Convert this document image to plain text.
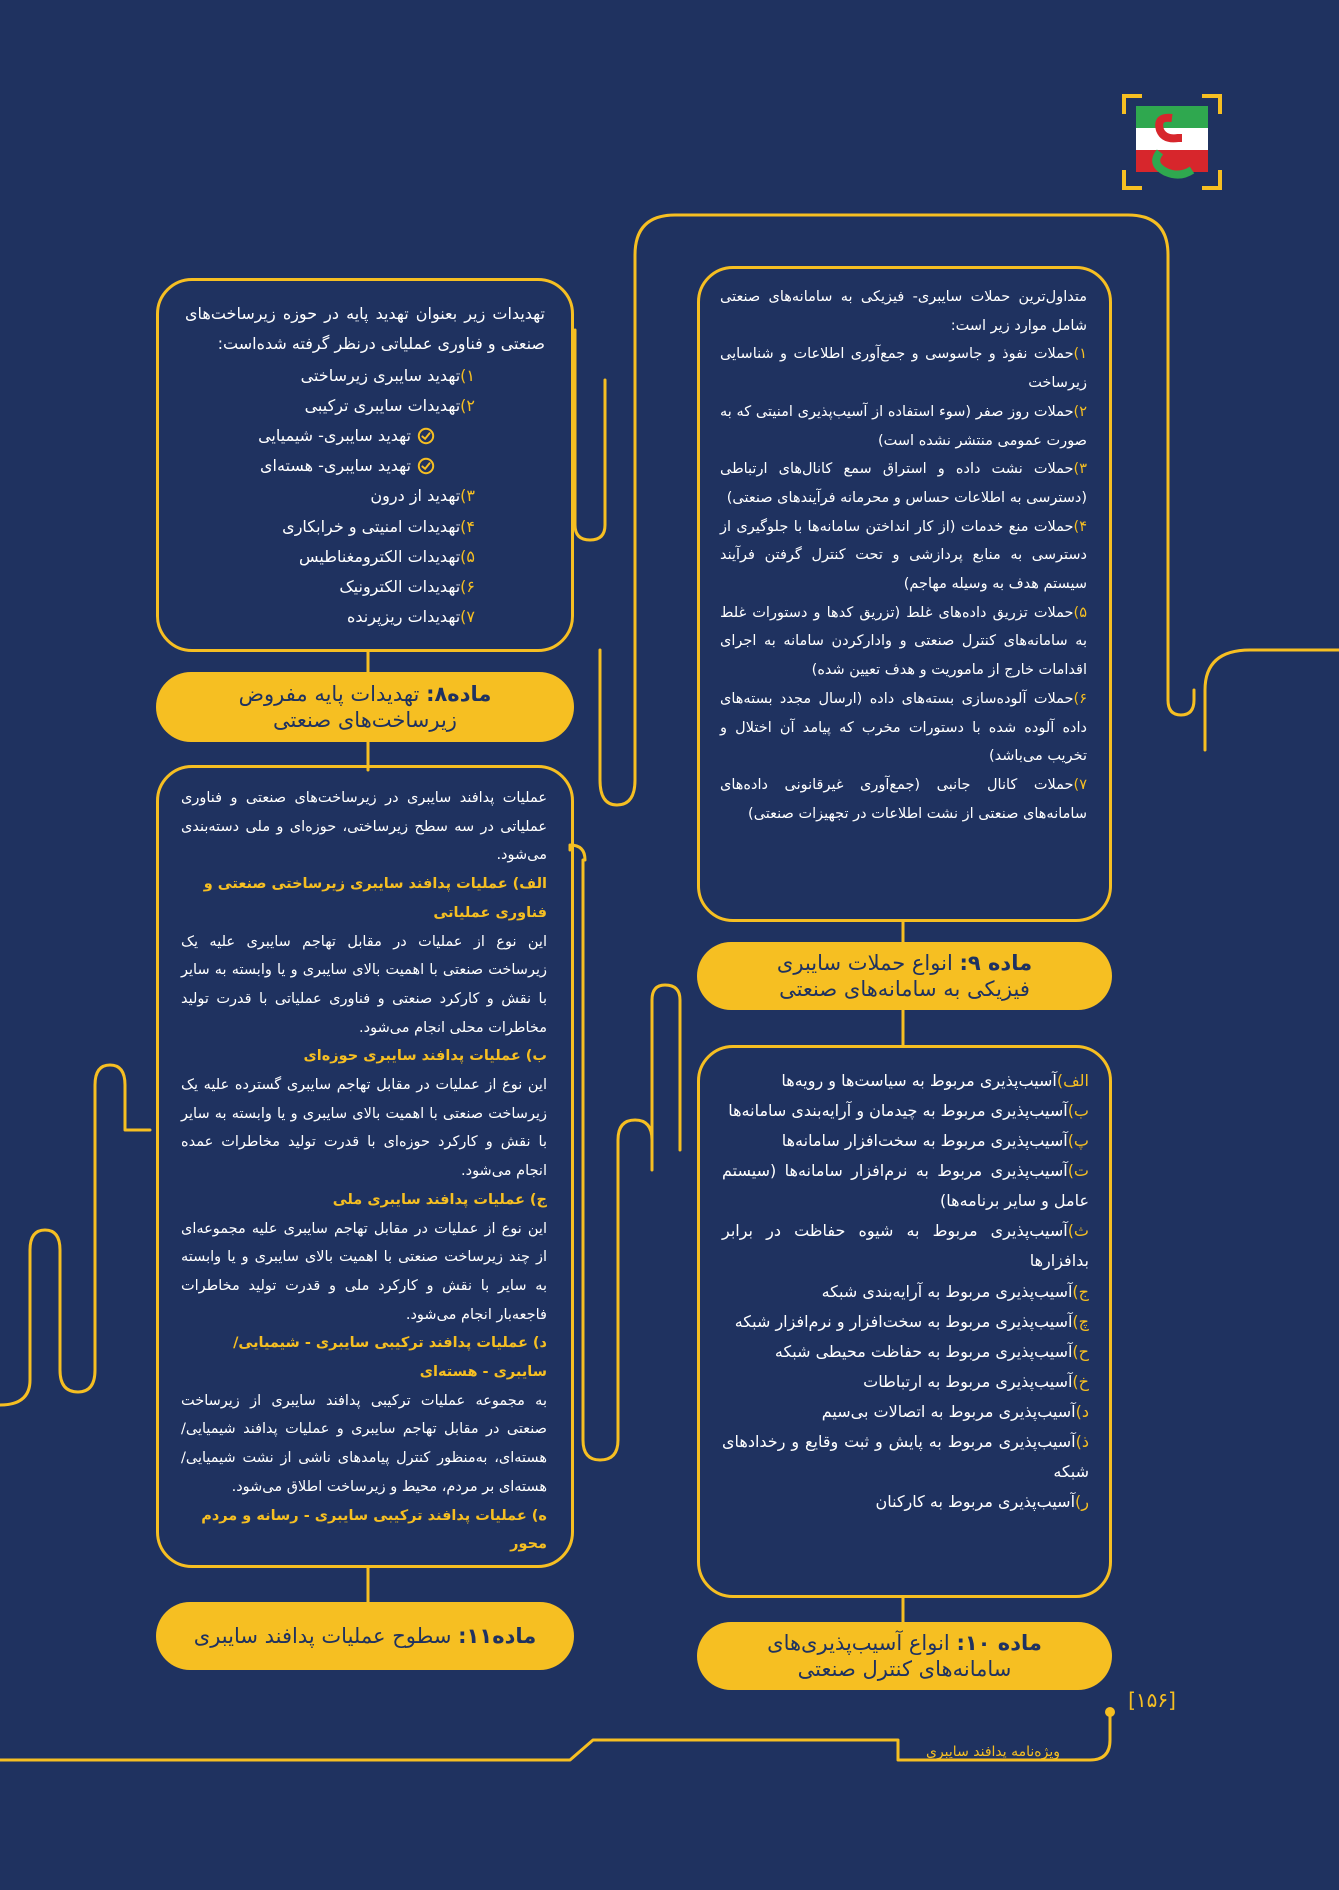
تهدیدات زیر بعنوان تهدید پایه در حوزه زیرساخت‌های صنعتی و فناوری عملیاتی درنظر گرفته شده‌است:

۱)تهدید سایبری زیرساختی

۲)تهدیدات سایبری ترکیبی

تهدید سایبری- شیمیایی

تهدید سایبری- هسته‌ای

۳)تهدید از درون

۴)تهدیدات امنیتی و خرابکاری

۵)تهدیدات الکترومغناطیس

۶)تهدیدات الکترونیک

۷)تهدیدات ریزپرنده

ماده۸: تهدیدات پایه مفروض
زیرساخت‌های صنعتی

متداول‌ترین حملات سایبری- فیزیکی به سامانه‌های صنعتی شامل موارد زیر است:

۱)حملات نفوذ و جاسوسی و جمع‌آوری اطلاعات و شناسایی زیرساخت

۲)حملات روز صفر (سوء استفاده از آسیب‌پذیری امنیتی که به صورت عمومی منتشر نشده است)

۳)حملات نشت داده و استراق سمع کانال‌های ارتباطی (دسترسی به اطلاعات حساس و محرمانه فرآیندهای صنعتی)

۴)حملات منع خدمات (از کار انداختن سامانه‌ها با جلوگیری از دسترسی به منابع پردازشی و تحت کنترل گرفتن فرآیند سیستم هدف به وسیله مهاجم)

۵)حملات تزریق داده‌های غلط (تزریق کدها و دستورات غلط به سامانه‌های کنترل صنعتی و وادارکردن سامانه به اجرای اقدامات خارج از ماموریت و هدف تعیین شده)

۶)حملات آلوده‌سازی بسته‌های داده (ارسال مجدد بسته‌های داده آلوده شده با دستورات مخرب که پیامد آن اختلال و تخریب می‌باشد)

۷)حملات کانال جانبی (جمع‌آوری غیرقانونی داده‌های سامانه‌های صنعتی از نشت اطلاعات در تجهیزات صنعتی)

ماده ۹: انواع حملات سایبری
فیزیکی به سامانه‌های صنعتی

الف)آسیب‌پذیری مربوط به سیاست‌ها و رویه‌ها

ب)آسیب‌پذیری مربوط به چیدمان و آرایه‌بندی سامانه‌ها

پ)آسیب‌پذیری مربوط به سخت‌افزار سامانه‌ها

ت)آسیب‌پذیری مربوط به نرم‌افزار سامانه‌ها (سیستم عامل و سایر برنامه‌ها)

ث)آسیب‌پذیری مربوط به شیوه حفاظت در برابر بدافزارها

ج)آسیب‌پذیری مربوط به آرایه‌بندی شبکه

چ)آسیب‌پذیری مربوط به سخت‌افزار و نرم‌افزار شبکه

ح)آسیب‌پذیری مربوط به حفاظت محیطی شبکه

خ)آسیب‌پذیری مربوط به ارتباطات

د)آسیب‌پذیری مربوط به اتصالات بی‌سیم

ذ)آسیب‌پذیری مربوط به پایش و ثبت وقایع و رخدادهای شبکه

ر)آسیب‌پذیری مربوط به کارکنان

ماده ۱۰: انواع آسیب‌پذیری‌های
سامانه‌های کنترل صنعتی

عملیات پدافند سایبری در زیرساخت‌های صنعتی و فناوری عملیاتی در سه سطح زیرساختی، حوزه‌ای و ملی دسته‌بندی می‌شود.

الف) عملیات پدافند سایبری زیرساختی صنعتی و فناوری عملیاتی

این نوع از عملیات در مقابل تهاجم سایبری علیه یک زیرساخت صنعتی با اهمیت بالای سایبری و یا وابسته به سایر با نقش و کارکرد صنعتی و فناوری عملیاتی با قدرت تولید مخاطرات محلی انجام می‌شود.

ب) عملیات پدافند سایبری حوزه‌ای

این نوع از عملیات در مقابل تهاجم سایبری گسترده علیه یک زیرساخت صنعتی با اهمیت بالای سایبری و یا وابسته به سایر با نقش و کارکرد حوزه‌ای با قدرت تولید مخاطرات عمده انجام می‌شود.

ج) عملیات پدافند سایبری ملی

این نوع از عملیات در مقابل تهاجم سایبری علیه مجموعه‌ای از چند زیرساخت صنعتی با اهمیت بالای سایبری و یا وابسته به سایر با نقش و کارکرد ملی و قدرت تولید مخاطرات فاجعه‌بار انجام می‌شود.

د) عملیات پدافند ترکیبی سایبری - شیمیایی/سایبری - هسته‌ای

به مجموعه عملیات ترکیبی پدافند سایبری از زیرساخت صنعتی در مقابل تهاجم سایبری و عملیات پدافند شیمیایی/هسته‌ای، به‌منظور کنترل پیامدهای ناشی از نشت شیمیایی/هسته‌ای بر مردم، محیط و زیرساخت اطلاق می‌شود.

ه) عملیات پدافند ترکیبی سایبری - رسانه و مردم محور

ماده۱۱: سطوح عملیات پدافند سایبری
[۱۵۶]
ویژه‌نامه پدافند سایبری
